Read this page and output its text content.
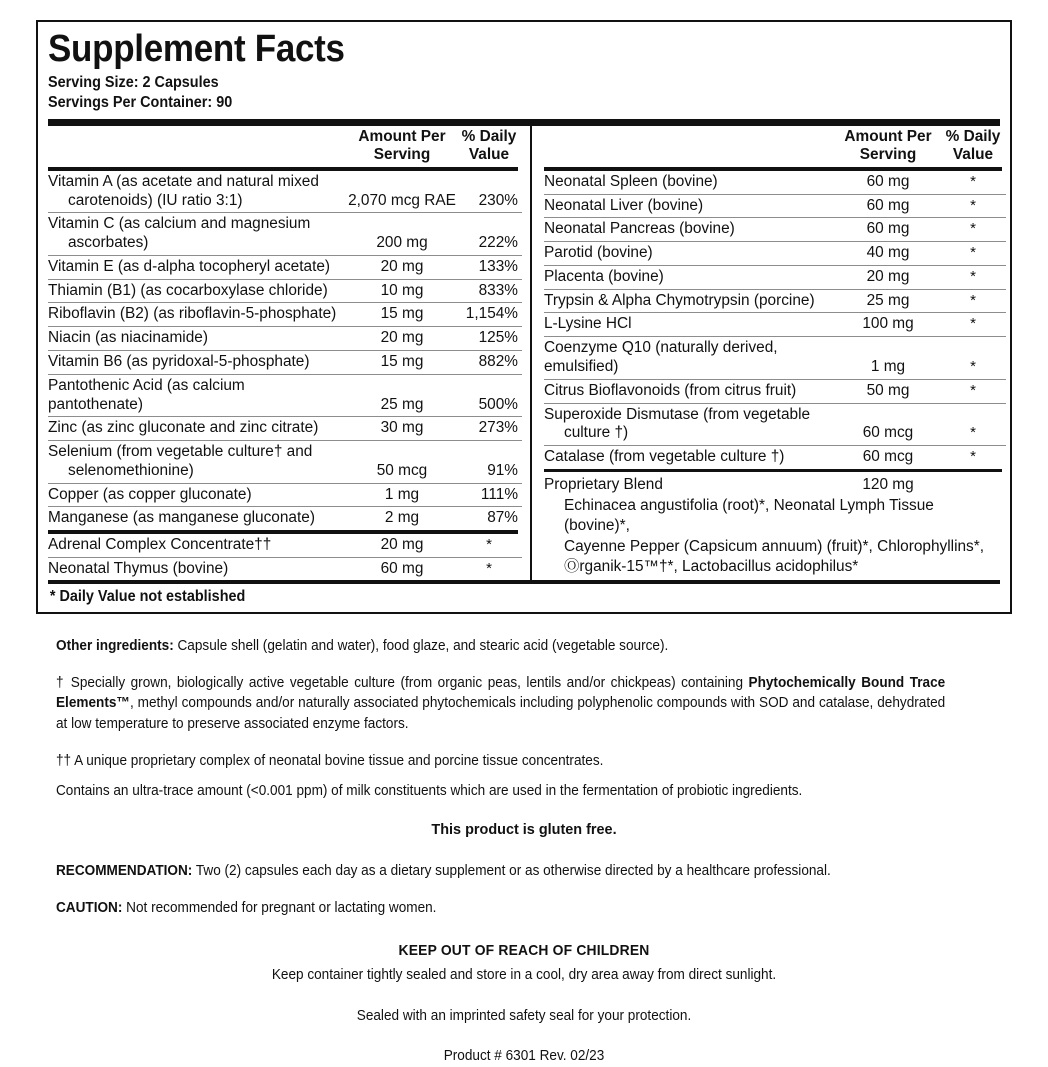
Supplement Facts
Serving Size: 2 Capsules
Servings Per Container: 90

Amount Per
Serving

% Daily
Value
Vitamin A (as acetate and natural mixed
carotenoids) (IU ratio 3:1)	2,070 mcg RAE	230%

Vitamin C (as calcium and magnesium
ascorbates)	200 mg	222%

Vitamin E (as d-alpha tocopheryl acetate)	20 mg	133%

Thiamin (B1) (as cocarboxylase chloride)	10 mg	833%

Riboflavin (B2) (as riboflavin-5-phosphate)	15 mg	1,154%

Niacin (as niacinamide)	20 mg	125%

Vitamin B6 (as pyridoxal-5-phosphate)	15 mg	882%

Pantothenic Acid (as calcium pantothenate)	25 mg	500%

Zinc (as zinc gluconate and zinc citrate)	30 mg	273%

Selenium (from vegetable culture† and
selenomethionine)	50 mcg	91%

Copper (as copper gluconate)	1 mg	111%

Manganese (as manganese gluconate)	2 mg	87%
Adrenal Complex Concentrate††	20 mg	*

Neonatal Thymus (bovine)	60 mg	*

Amount Per
Serving

% Daily
Value
Neonatal Spleen (bovine)	60 mg	*

Neonatal Liver (bovine)	60 mg	*

Neonatal Pancreas (bovine)	60 mg	*

Parotid (bovine)	40 mg	*

Placenta (bovine)	20 mg	*

Trypsin & Alpha Chymotrypsin (porcine)	25 mg	*

L-Lysine HCl	100 mg	*

Coenzyme Q10 (naturally derived, emulsified)	1 mg	*

Citrus Bioflavonoids (from citrus fruit)	50 mg	*

Superoxide Dismutase (from vegetable
culture †)	60 mcg	*

Catalase (from vegetable culture †)	60 mcg	*
Proprietary Blend	120 mg
Echinacea angustifolia (root)*, Neonatal Lymph Tissue (bovine)*,
Cayenne Pepper (Capsicum annuum) (fruit)*, Chlorophyllins*,
Ⓞrganik-15™†*, Lactobacillus acidophilus*
* Daily Value not established

Other ingredients: Capsule shell (gelatin and water), food glaze, and stearic acid (vegetable source).

† Specially grown, biologically active vegetable culture (from organic peas, lentils and/or chickpeas) containing Phytochemically Bound Trace Elements™, methyl compounds and/or naturally associated phytochemicals including polyphenolic compounds with SOD and catalase, dehydrated at low temperature to preserve associated enzyme factors.

†† A unique proprietary complex of neonatal bovine tissue and porcine tissue concentrates.

Contains an ultra-trace amount (<0.001 ppm) of milk constituents which are used in the fermentation of probiotic ingredients.

This product is gluten free.

RECOMMENDATION: Two (2) capsules each day as a dietary supplement or as otherwise directed by a healthcare professional.

CAUTION: Not recommended for pregnant or lactating women.

KEEP OUT OF REACH OF CHILDREN
Keep container tightly sealed and store in a cool, dry area away from direct sunlight.
Sealed with an imprinted safety seal for your protection.
Product # 6301 Rev. 02/23
